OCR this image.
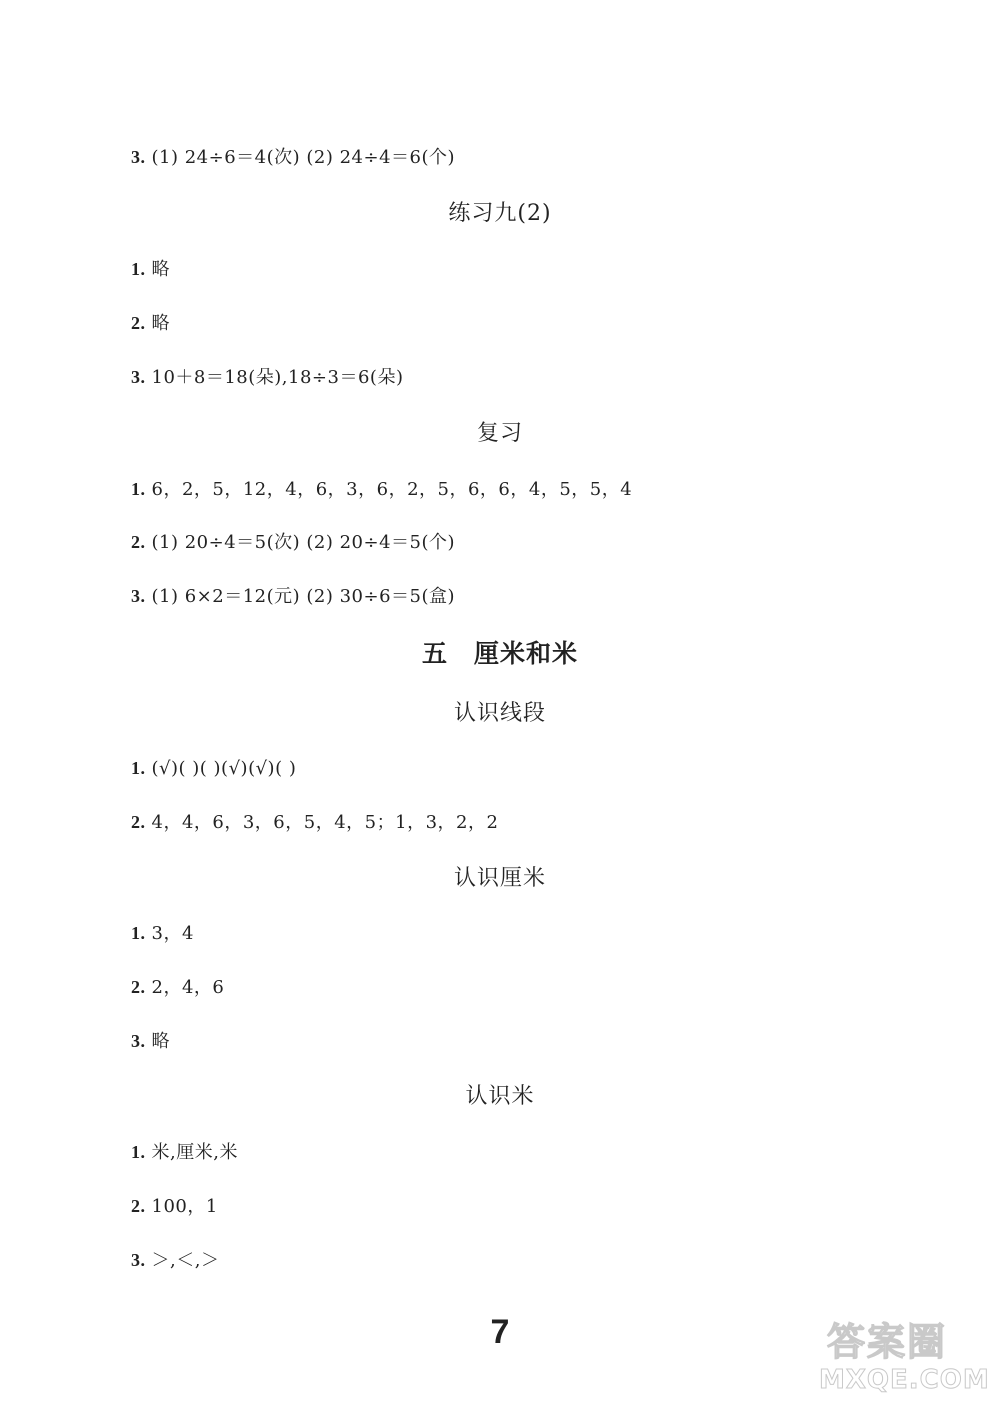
3. (1) 24÷6＝4(次) (2) 24÷4＝6(个)
练习九(2)
1. 略
2. 略
3. 10＋8＝18(朵),18÷3＝6(朵)
复习
1. 6，2，5，12，4，6，3，6，2，5，6，6，4，5，5，4
2. (1) 20÷4＝5(次) (2) 20÷4＝5(个)
3. (1) 6×2＝12(元) (2) 30÷6＝5(盒)
五 厘米和米
认识线段
1. (√)( )( )(√)(√)( )
2. 4，4，6，3，6，5，4，5；1，3，2，2
认识厘米
1. 3，4
2. 2，4，6
3. 略
认识米
1. 米,厘米,米
2. 100，1
3. ＞,＜,＞
7	答案圈
MXQE.COM
